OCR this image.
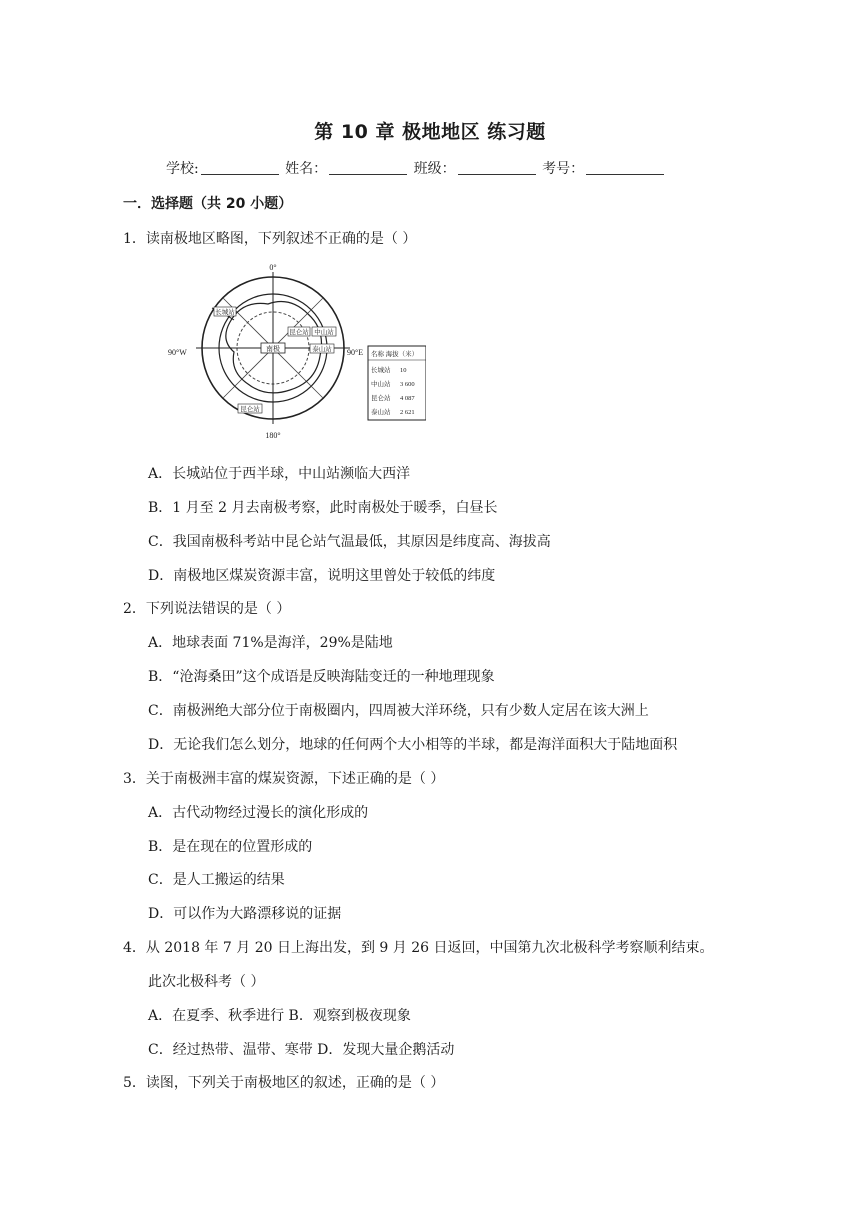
第 10 章 极地地区 练习题
学校:	姓名：	班级：	考号：
一．选择题（共 20 小题）
1．读南极地区略图，下列叙述不正确的是（ ）
南极
0°
90°W	90°E
180°
长城站
昆仑站 中山站
泰山站
昆仑站
名称 海拔（米）
长城站 10
中山站 3 600
昆仑站 4 087
泰山站 2 621
A．长城站位于西半球，中山站濒临大西洋
B．1 月至 2 月去南极考察，此时南极处于暖季，白昼长
C．我国南极科考站中昆仑站气温最低，其原因是纬度高、海拔高
D．南极地区煤炭资源丰富，说明这里曾处于较低的纬度
2．下列说法错误的是（ ）
A．地球表面 71%是海洋，29%是陆地
B．“沧海桑田”这个成语是反映海陆变迁的一种地理现象
C．南极洲绝大部分位于南极圈内，四周被大洋环绕，只有少数人定居在该大洲上
D．无论我们怎么划分，地球的任何两个大小相等的半球，都是海洋面积大于陆地面积
3．关于南极洲丰富的煤炭资源，下述正确的是（ ）
A．古代动物经过漫长的演化形成的
B．是在现在的位置形成的
C．是人工搬运的结果
D．可以作为大路漂移说的证据
4．从 2018 年 7 月 20 日上海出发，到 9 月 26 日返回，中国第九次北极科学考察顺利结束。
此次北极科考（ ）
A．在夏季、秋季进行 B．观察到极夜现象
C．经过热带、温带、寒带 D．发现大量企鹅活动
5．读图，下列关于南极地区的叙述，正确的是（ ）
